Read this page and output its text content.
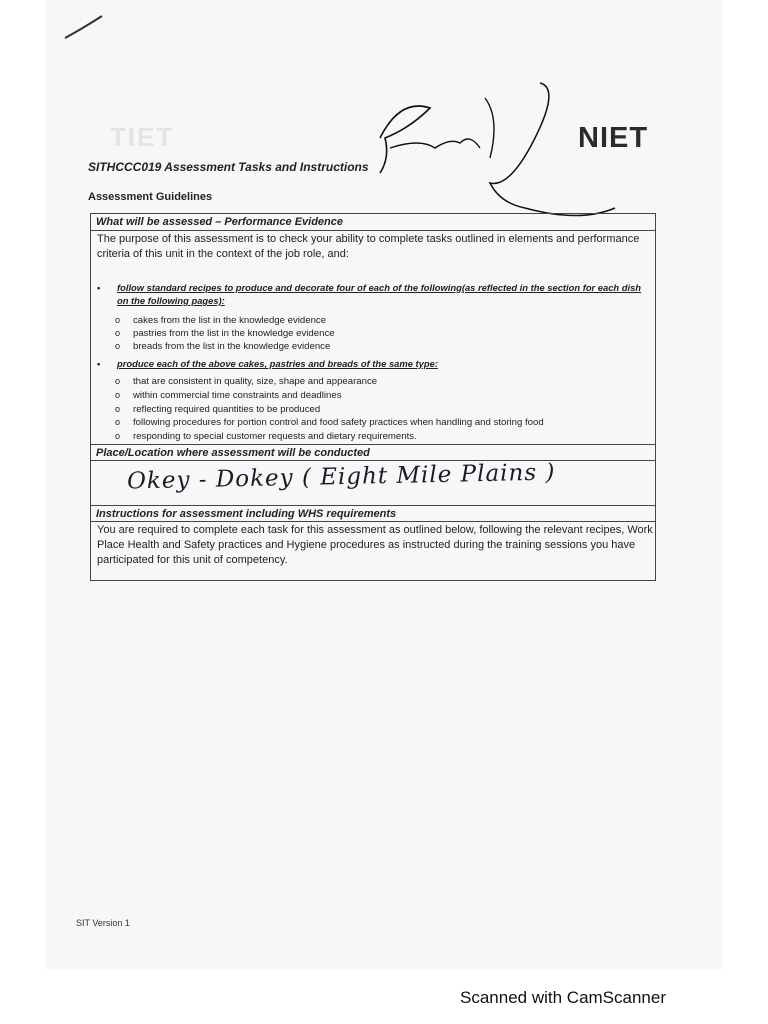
TIET	NIET
SITHCCC019 Assessment Tasks and Instructions
Assessment Guidelines
What will be assessed – Performance Evidence
The purpose of this assessment is to check your ability to complete tasks outlined in elements and performance criteria of this unit in the context of the job role, and:
•	follow standard recipes to produce and decorate four of each of the following(as reflected in the section for each dish on the following pages):
o cakes from the list in the knowledge evidence
o pastries from the list in the knowledge evidence
o breads from the list in the knowledge evidence
•	produce each of the above cakes, pastries and breads of the same type:
o that are consistent in quality, size, shape and appearance
o within commercial time constraints and deadlines
o reflecting required quantities to be produced
o following procedures for portion control and food safety practices when handling and storing food
o responding to special customer requests and dietary requirements.
Place/Location where assessment will be conducted
Okey - Dokey ( Eight Mile Plains )
Instructions for assessment including WHS requirements
You are required to complete each task for this assessment as outlined below, following the relevant recipes, Work Place Health and Safety practices and Hygiene procedures as instructed during the training sessions you have participated for this unit of competency.
SIT Version 1
Scanned with CamScanner
